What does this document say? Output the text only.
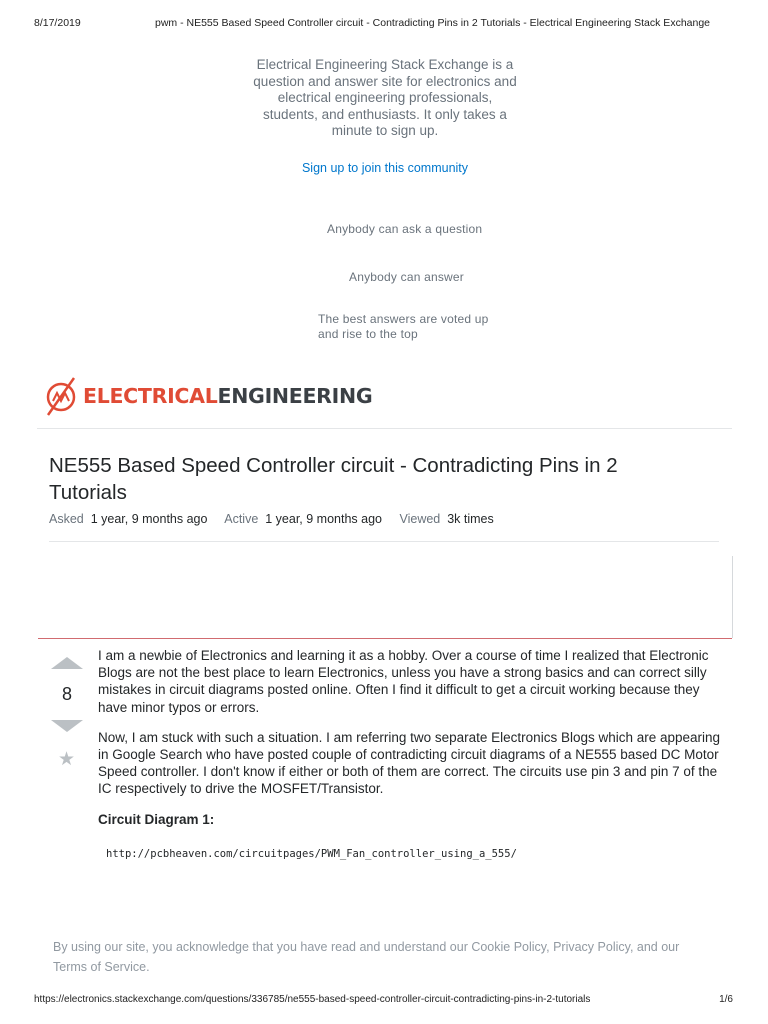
8/17/2019	pwm - NE555 Based Speed Controller circuit - Contradicting Pins in 2 Tutorials - Electrical Engineering Stack Exchange
Electrical Engineering Stack Exchange is a question and answer site for electronics and electrical engineering professionals, students, and enthusiasts. It only takes a minute to sign up.
Sign up to join this community
Anybody can ask a question
Anybody can answer
The best answers are voted up and rise to the top
ELECTRICALENGINEERING
NE555 Based Speed Controller circuit - Contradicting Pins in 2 Tutorials
Asked 1 year, 9 months ago Active 1 year, 9 months ago Viewed 3k times
8
★

I am a newbie of Electronics and learning it as a hobby. Over a course of time I realized that Electronic Blogs are not the best place to learn Electronics, unless you have a strong basics and can correct silly mistakes in circuit diagrams posted online. Often I find it difficult to get a circuit working because they have minor typos or errors.

Now, I am stuck with such a situation. I am referring two separate Electronics Blogs which are appearing in Google Search who have posted couple of contradicting circuit diagrams of a NE555 based DC Motor Speed controller. I don't know if either or both of them are correct. The circuits use pin 3 and pin 7 of the IC respectively to drive the MOSFET/Transistor.

Circuit Diagram 1:
http://pcbheaven.com/circuitpages/PWM_Fan_controller_using_a_555/
By using our site, you acknowledge that you have read and understand our Cookie Policy, Privacy Policy, and our Terms of Service.
https://electronics.stackexchange.com/questions/336785/ne555-based-speed-controller-circuit-contradicting-pins-in-2-tutorials	1/6
